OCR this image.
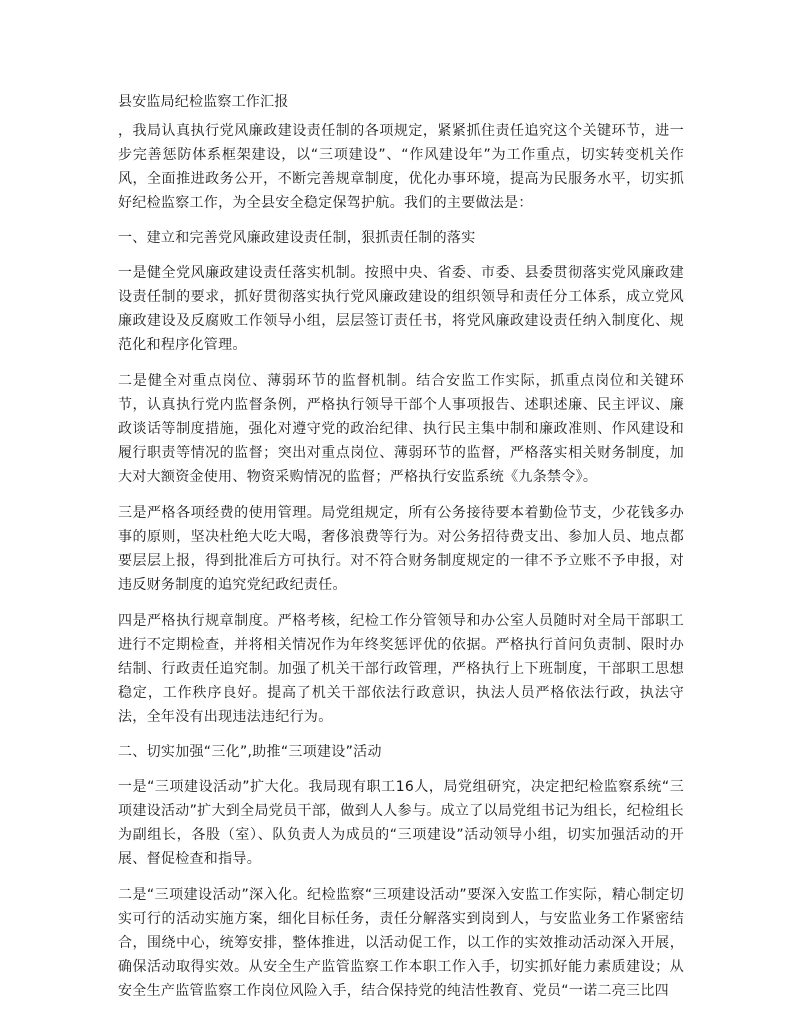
县安监局纪检监察工作汇报

，我局认真执行党风廉政建设责任制的各项规定，紧紧抓住责任追究这个关键环节，进一步完善惩防体系框架建设，以“三项建设”、“作风建设年”为工作重点，切实转变机关作风，全面推进政务公开，不断完善规章制度，优化办事环境，提高为民服务水平，切实抓好纪检监察工作，为全县安全稳定保驾护航。我们的主要做法是：

一、建立和完善党风廉政建设责任制，狠抓责任制的落实

一是健全党风廉政建设责任落实机制。按照中央、省委、市委、县委贯彻落实党风廉政建设责任制的要求，抓好贯彻落实执行党风廉政建设的组织领导和责任分工体系，成立党风廉政建设及反腐败工作领导小组，层层签订责任书，将党风廉政建设责任纳入制度化、规范化和程序化管理。

二是健全对重点岗位、薄弱环节的监督机制。结合安监工作实际，抓重点岗位和关键环节，认真执行党内监督条例，严格执行领导干部个人事项报告、述职述廉、民主评议、廉政谈话等制度措施，强化对遵守党的政治纪律、执行民主集中制和廉政准则、作风建设和履行职责等情况的监督；突出对重点岗位、薄弱环节的监督，严格落实相关财务制度，加大对大额资金使用、物资采购情况的监督；严格执行安监系统《九条禁令》。

三是严格各项经费的使用管理。局党组规定，所有公务接待要本着勤俭节支，少花钱多办事的原则，坚决杜绝大吃大喝，奢侈浪费等行为。对公务招待费支出、参加人员、地点都要层层上报，得到批准后方可执行。对不符合财务制度规定的一律不予立账不予申报，对违反财务制度的追究党纪政纪责任。

四是严格执行规章制度。严格考核，纪检工作分管领导和办公室人员随时对全局干部职工进行不定期检查，并将相关情况作为年终奖惩评优的依据。严格执行首问负责制、限时办结制、行政责任追究制。加强了机关干部行政管理，严格执行上下班制度，干部职工思想稳定，工作秩序良好。提高了机关干部依法行政意识，执法人员严格依法行政，执法守法，全年没有出现违法违纪行为。

二、切实加强“三化”,助推“三项建设”活动

一是“三项建设活动”扩大化。我局现有职工16人，局党组研究，决定把纪检监察系统“三项建设活动”扩大到全局党员干部，做到人人参与。成立了以局党组书记为组长，纪检组长为副组长，各股（室）、队负责人为成员的“三项建设”活动领导小组，切实加强活动的开展、督促检查和指导。

二是“三项建设活动”深入化。纪检监察“三项建设活动”要深入安监工作实际，精心制定切实可行的活动实施方案，细化目标任务，责任分解落实到岗到人，与安监业务工作紧密结合，围绕中心，统筹安排，整体推进，以活动促工作，以工作的实效推动活动深入开展，确保活动取得实效。从安全生产监管监察工作本职工作入手，切实抓好能力素质建设；从安全生产监管监察工作岗位风险入手，结合保持党的纯洁性教育、党员“一诺二亮三比四
